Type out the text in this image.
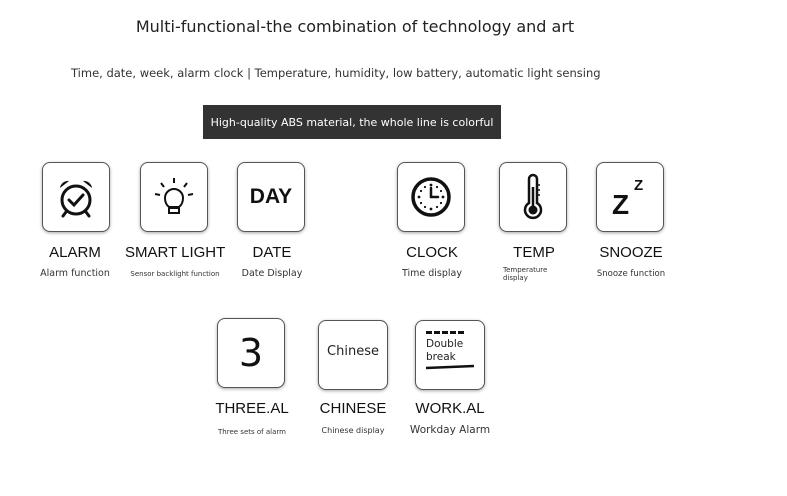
Multi-functional-the combination of technology and art
Time, date, week, alarm clock | Temperature, humidity, low battery, automatic light sensing
High-quality ABS material, the whole line is colorful
ALARM
Alarm function
SMART LIGHT
Sensor backlight function
DAY
DATE
Date Display
CLOCK
Time display
TEMP
Temperature display
Z
Z
SNOOZE
Snooze function
3
THREE.AL
Three sets of alarm
Chinese
CHINESE
Chinese display
Double
break
WORK.AL
Workday Alarm
